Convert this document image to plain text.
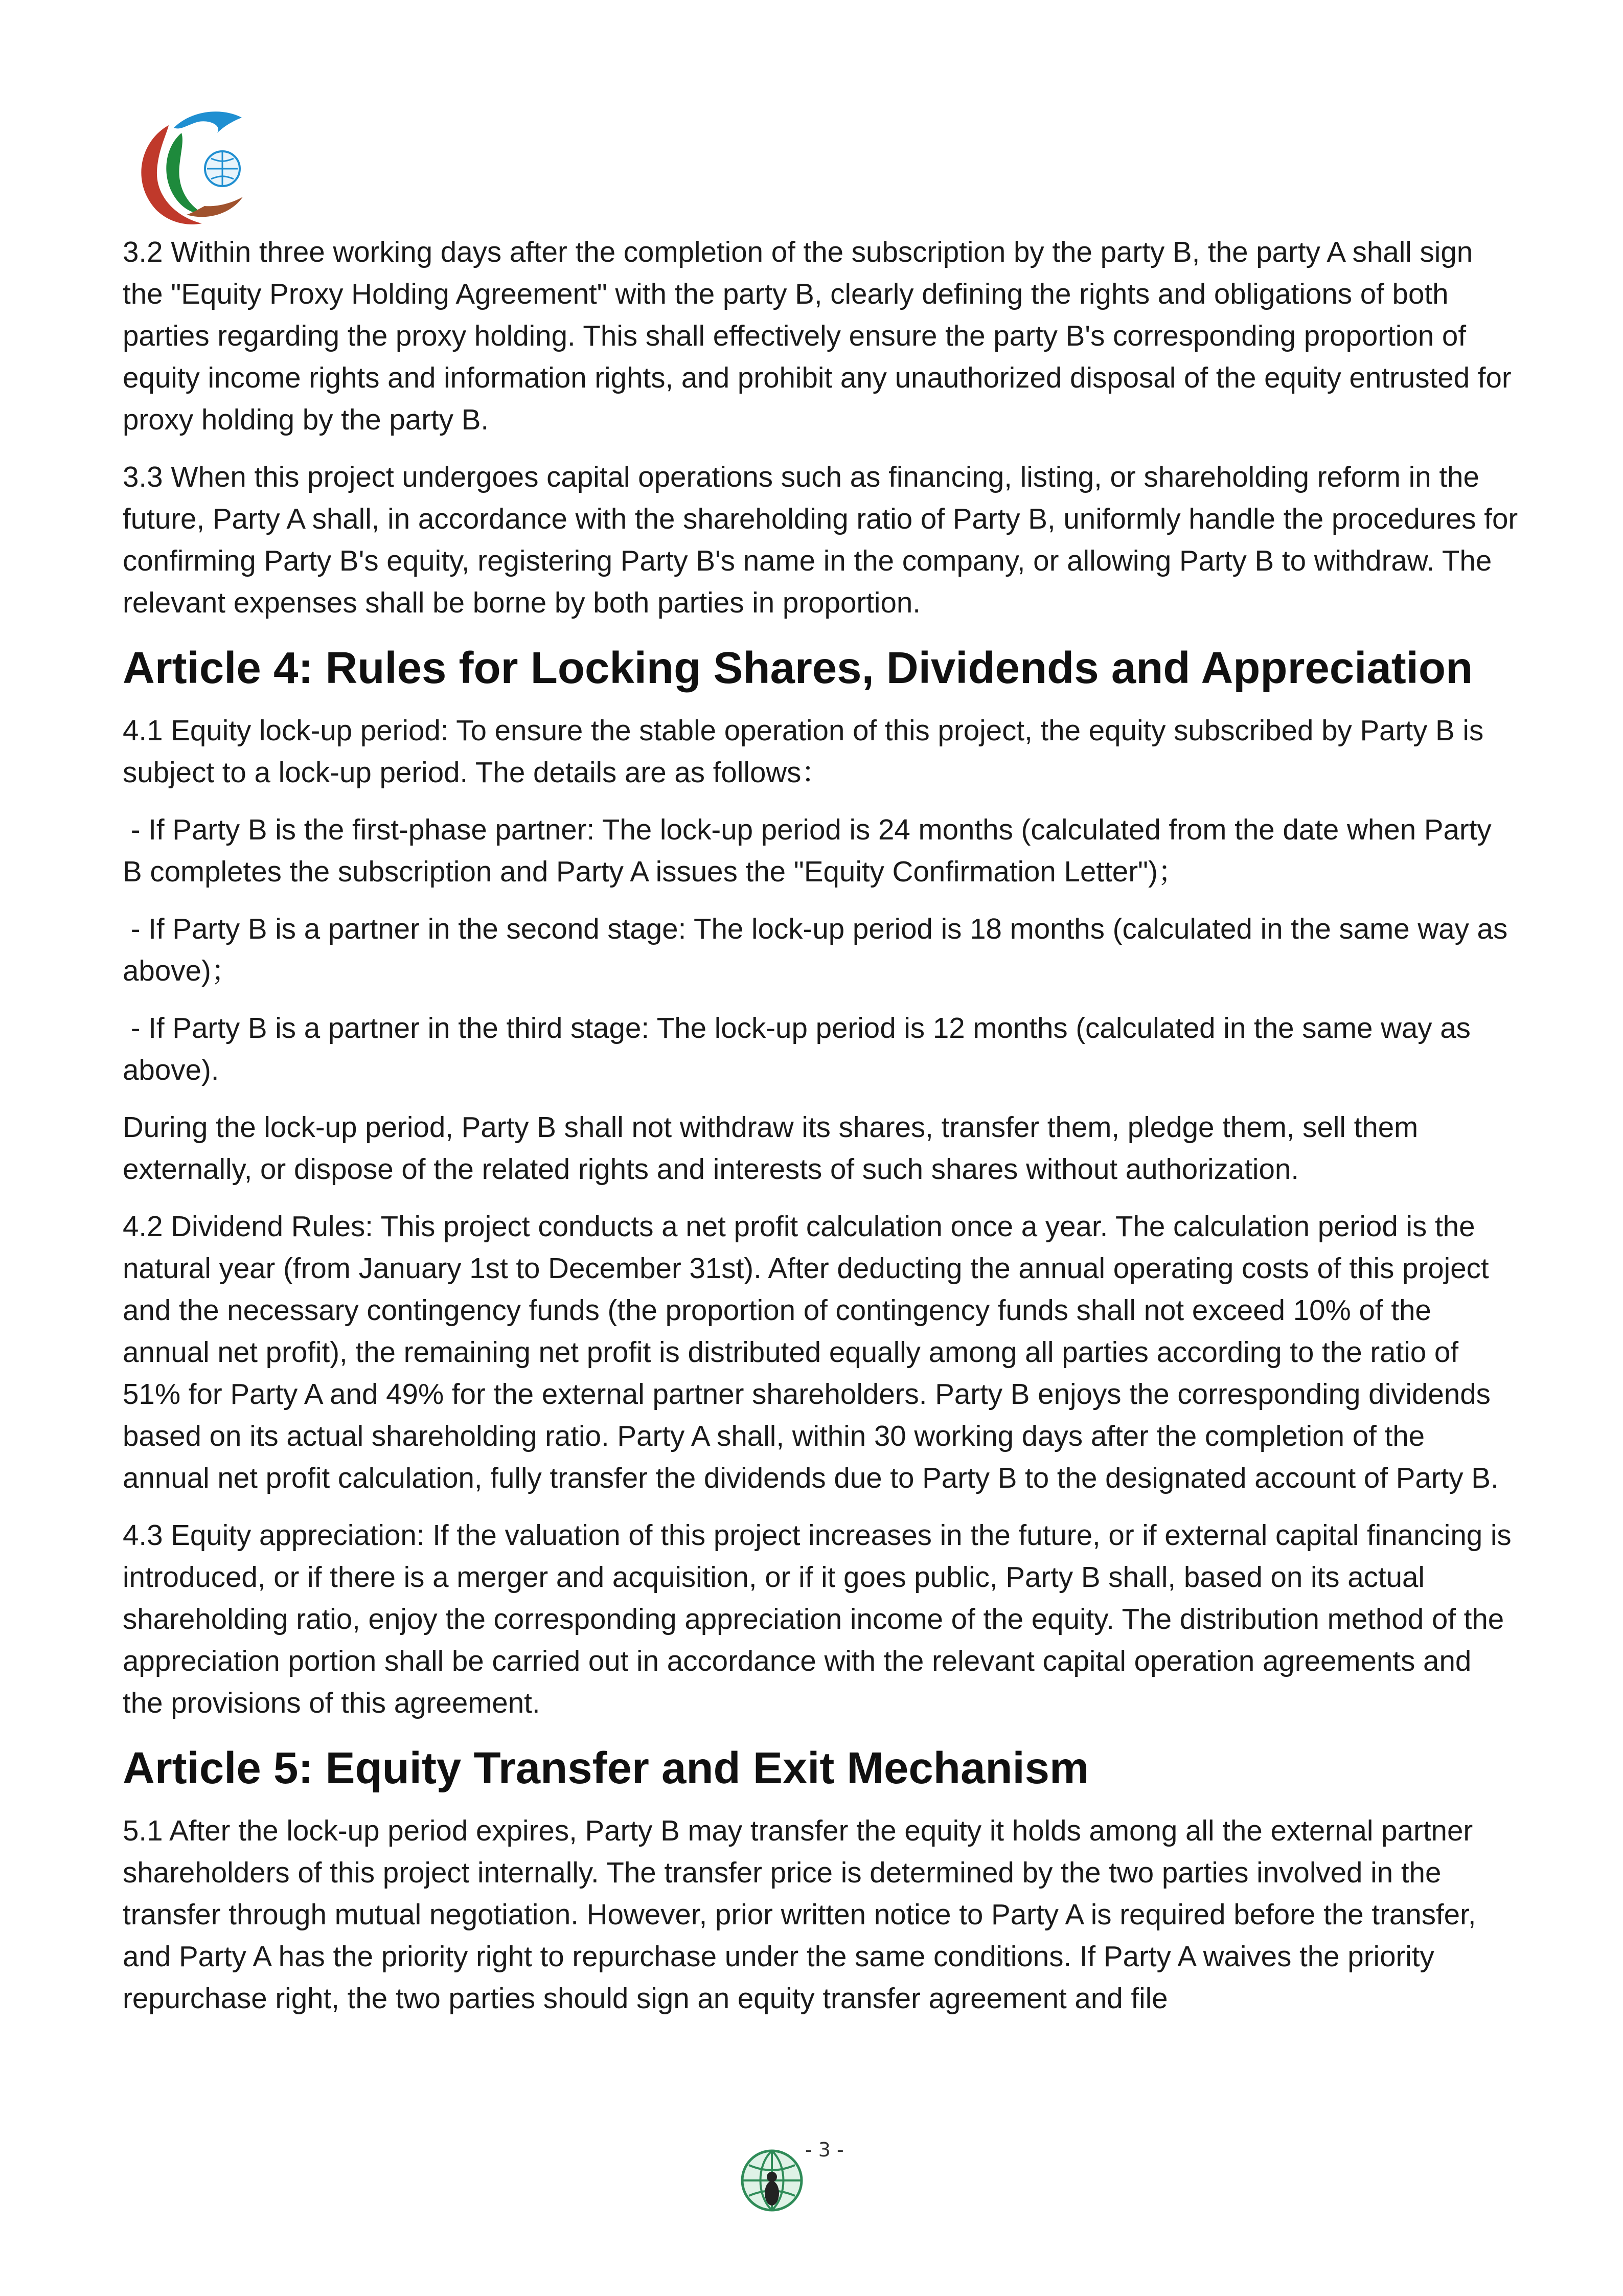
3.2 Within three working days after the completion of the subscription by the party B, the party A shall sign the "Equity Proxy Holding Agreement" with the party B, clearly defining the rights and obligations of both parties regarding the proxy holding. This shall effectively ensure the party B's corresponding proportion of equity income rights and information rights, and prohibit any unauthorized disposal of the equity entrusted for proxy holding by the party B.

3.3 When this project undergoes capital operations such as financing, listing, or shareholding reform in the future, Party A shall, in accordance with the shareholding ratio of Party B, uniformly handle the procedures for confirming Party B's equity, registering Party B's name in the company, or allowing Party B to withdraw. The relevant expenses shall be borne by both parties in proportion.

Article 4: Rules for Locking Shares, Dividends and Appreciation

4.1 Equity lock-up period: To ensure the stable operation of this project, the equity subscribed by Party B is subject to a lock-up period. The details are as follows：

- If Party B is the first-phase partner: The lock-up period is 24 months (calculated from the date when Party B completes the subscription and Party A issues the "Equity Confirmation Letter")；

- If Party B is a partner in the second stage: The lock-up period is 18 months (calculated in the same way as above)；

- If Party B is a partner in the third stage: The lock-up period is 12 months (calculated in the same way as above).

During the lock-up period, Party B shall not withdraw its shares, transfer them, pledge them, sell them externally, or dispose of the related rights and interests of such shares without authorization.

4.2 Dividend Rules: This project conducts a net profit calculation once a year. The calculation period is the natural year (from January 1st to December 31st). After deducting the annual operating costs of this project and the necessary contingency funds (the proportion of contingency funds shall not exceed 10% of the annual net profit), the remaining net profit is distributed equally among all parties according to the ratio of 51% for Party A and 49% for the external partner shareholders. Party B enjoys the corresponding dividends based on its actual shareholding ratio. Party A shall, within 30 working days after the completion of the annual net profit calculation, fully transfer the dividends due to Party B to the designated account of Party B.

4.3 Equity appreciation: If the valuation of this project increases in the future, or if external capital financing is introduced, or if there is a merger and acquisition, or if it goes public, Party B shall, based on its actual shareholding ratio, enjoy the corresponding appreciation income of the equity. The distribution method of the appreciation portion shall be carried out in accordance with the relevant capital operation agreements and the provisions of this agreement.

Article 5: Equity Transfer and Exit Mechanism

5.1 After the lock-up period expires, Party B may transfer the equity it holds among all the external partner shareholders of this project internally. The transfer price is determined by the two parties involved in the transfer through mutual negotiation. However, prior written notice to Party A is required before the transfer, and Party A has the priority right to repurchase under the same conditions. If Party A waives the priority repurchase right, the two parties should sign an equity transfer agreement and file

- 3 -
